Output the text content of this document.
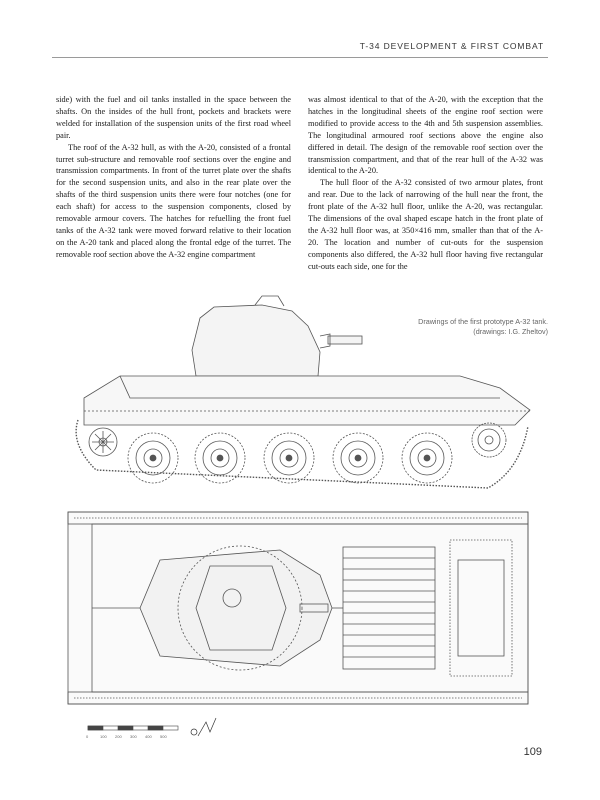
T-34 DEVELOPMENT & FIRST COMBAT

side) with the fuel and oil tanks installed in the space between the shafts. On the insides of the hull front, pockets and brackets were welded for installation of the suspension units of the first road wheel pair.

The roof of the A-32 hull, as with the A-20, consisted of a frontal turret sub-structure and removable roof sections over the engine and transmission compartments. In front of the turret plate over the shafts for the second suspension units, and also in the rear plate over the shafts of the third suspension units there were four notches (one for each shaft) for access to the suspension components, closed by removable armour covers. The hatches for refuelling the front fuel tanks of the A-32 tank were moved forward relative to their location on the A-20 tank and placed along the frontal edge of the turret. The removable roof section above the A-32 engine compartment

was almost identical to that of the A-20, with the exception that the hatches in the longitudinal sheets of the engine roof section were modified to provide access to the 4th and 5th suspension assemblies. The longitudinal armoured roof sections above the engine also differed in detail. The design of the removable roof section over the transmission compartment, and that of the rear hull of the A-32 was identical to the A-20.

The hull floor of the A-32 consisted of two armour plates, front and rear. Due to the lack of narrowing of the hull near the front, the front plate of the A-32 hull floor, unlike the A-20, was rectangular. The dimensions of the oval shaped escape hatch in the front plate of the A-32 hull floor was, at 350×416 mm, smaller than that of the A-20. The location and number of cut-outs for the suspension components also differed, the A-32 hull floor having five rectangular cut-outs each side, one for the

Drawings of the first prototype A-32 tank. (drawings: I.G. Zheltov)
0	100 200 300 400 500
109
